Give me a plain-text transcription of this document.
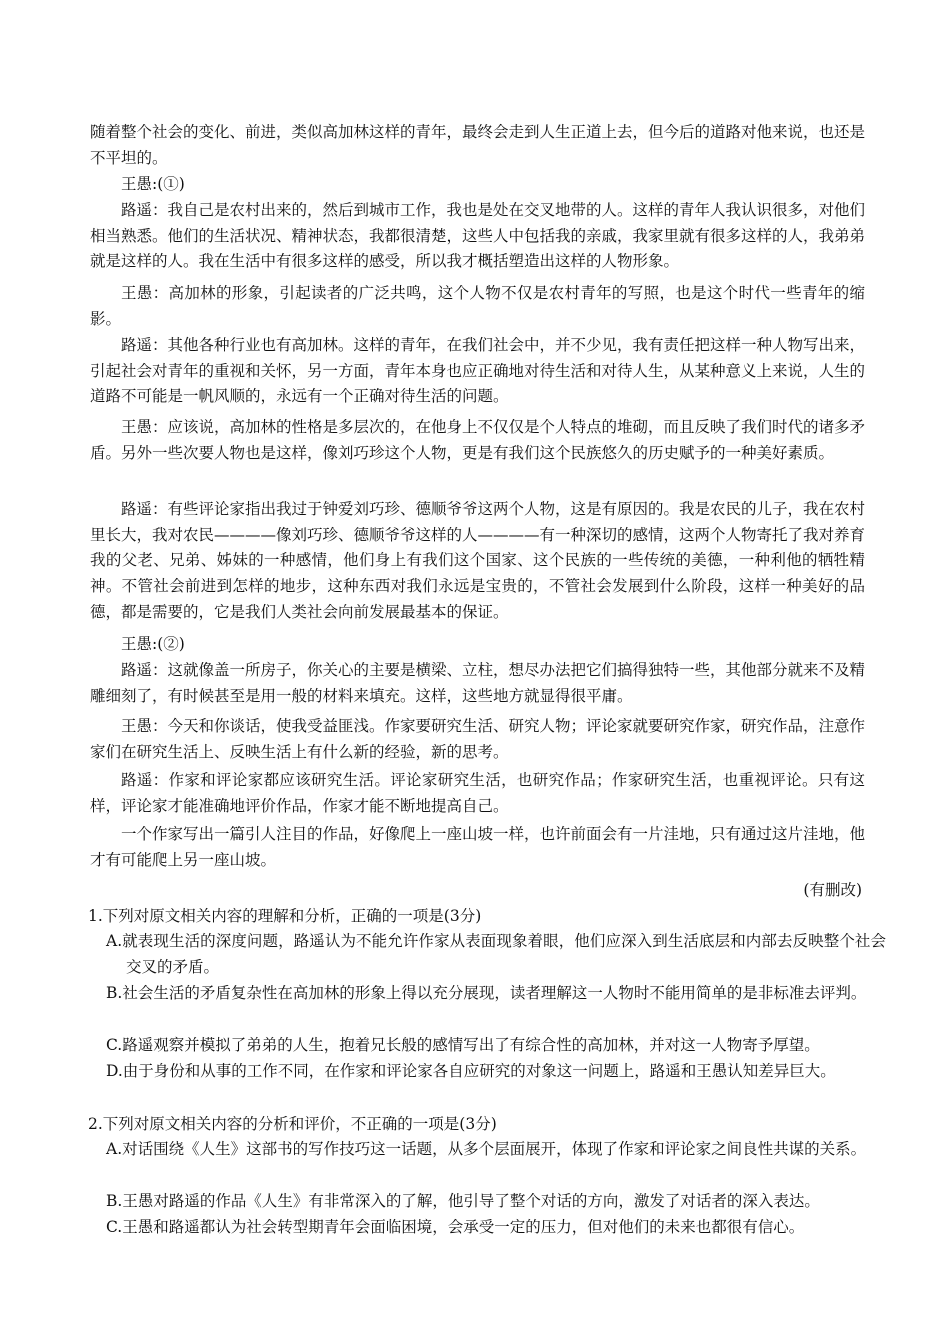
随着整个社会的变化、前进，类似高加林这样的青年，最终会走到人生正道上去，但今后的道路对他来说，也还是不平坦的。

王愚:(①)

路遥：我自己是农村出来的，然后到城市工作，我也是处在交叉地带的人。这样的青年人我认识很多，对他们相当熟悉。他们的生活状况、精神状态，我都很清楚，这些人中包括我的亲戚，我家里就有很多这样的人，我弟弟就是这样的人。我在生活中有很多这样的感受，所以我才概括塑造出这样的人物形象。

王愚：高加林的形象，引起读者的广泛共鸣，这个人物不仅是农村青年的写照，也是这个时代一些青年的缩影。

路遥：其他各种行业也有高加林。这样的青年，在我们社会中，并不少见，我有责任把这样一种人物写出来，引起社会对青年的重视和关怀，另一方面，青年本身也应正确地对待生活和对待人生，从某种意义上来说，人生的道路不可能是一帆风顺的，永远有一个正确对待生活的问题。

王愚：应该说，高加林的性格是多层次的，在他身上不仅仅是个人特点的堆砌，而且反映了我们时代的诸多矛盾。另外一些次要人物也是这样，像刘巧珍这个人物，更是有我们这个民族悠久的历史赋予的一种美好素质。

路遥：有些评论家指出我过于钟爱刘巧珍、德顺爷爷这两个人物，这是有原因的。我是农民的儿子，我在农村里长大，我对农民————像刘巧珍、德顺爷爷这样的人————有一种深切的感情，这两个人物寄托了我对养育我的父老、兄弟、姊妹的一种感情，他们身上有我们这个国家、这个民族的一些传统的美德，一种利他的牺牲精神。不管社会前进到怎样的地步，这种东西对我们永远是宝贵的，不管社会发展到什么阶段，这样一种美好的品德，都是需要的，它是我们人类社会向前发展最基本的保证。

王愚:(②)

路遥：这就像盖一所房子，你关心的主要是横梁、立柱，想尽办法把它们搞得独特一些，其他部分就来不及精雕细刻了，有时候甚至是用一般的材料来填充。这样，这些地方就显得很平庸。

王愚：今天和你谈话，使我受益匪浅。作家要研究生活、研究人物；评论家就要研究作家，研究作品，注意作家们在研究生活上、反映生活上有什么新的经验，新的思考。

路遥：作家和评论家都应该研究生活。评论家研究生活，也研究作品；作家研究生活，也重视评论。只有这样，评论家才能准确地评价作品，作家才能不断地提高自己。

一个作家写出一篇引人注目的作品，好像爬上一座山坡一样，也许前面会有一片洼地，只有通过这片洼地，他才有可能爬上另一座山坡。

(有删改)

1.下列对原文相关内容的理解和分析，正确的一项是(3分)

A.就表现生活的深度问题，路遥认为不能允许作家从表面现象着眼，他们应深入到生活底层和内部去反映整个社会交叉的矛盾。

B.社会生活的矛盾复杂性在高加林的形象上得以充分展现，读者理解这一人物时不能用简单的是非标准去评判。

C.路遥观察并模拟了弟弟的人生，抱着兄长般的感情写出了有综合性的高加林，并对这一人物寄予厚望。

D.由于身份和从事的工作不同，在作家和评论家各自应研究的对象这一问题上，路遥和王愚认知差异巨大。

2.下列对原文相关内容的分析和评价，不正确的一项是(3分)

A.对话围绕《人生》这部书的写作技巧这一话题，从多个层面展开，体现了作家和评论家之间良性共谋的关系。

B.王愚对路遥的作品《人生》有非常深入的了解，他引导了整个对话的方向，激发了对话者的深入表达。

C.王愚和路遥都认为社会转型期青年会面临困境，会承受一定的压力，但对他们的未来也都很有信心。
